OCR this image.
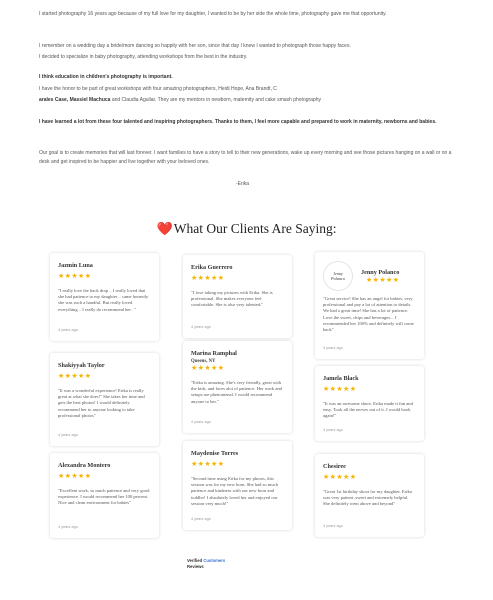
I started photography 16 years ago because of my full love for my daughter, I wanted to be by her side the whole time, photography gave me that opportunity.

I remember on a wedding day a bride/mom dancing so happily with her son, since that day I knew I wanted to photograph those happy faces.

I decided to specialize in baby photography, attending workshops from the best in the industry.

I think education in children's photography is important.

I have the honor to be part of great workshops with four amazing photographers, Heidi Hope, Ana Brandt, C

arales Case, Massiel Machuca and Claudia Aguilar. They are my mentors in newborn, maternity and cake smash photography

I have learned a lot from these four talented and inspiring photographers. Thanks to them, I feel more capable and prepared to work in maternity, newborns and babies.

Our goal is to create memories that will last forever. I want families to have a story to tell to their new generations, wake up every morning and see those pictures hanging on a wall or on a desk and get inspired to be happier and live together with your beloved ones.

-Erika
❤️What Our Clients Are Saying:
Jazmin Luna
★★★★★
"I really love the back drop .. I really loved that she had patience to my daughter .. came honestly she was such a handful. But really loved everything .. I really do recommend her . "
4 years ago
Shakiyyah Taylor
★★★★★
"It was a wonderful experience! Erika is really great at what she does!" She takes her time and gets the best photos! I would definitely recommend her to anyone looking to take professional photos"
4 years ago
Alexandra Montero
★★★★★
"Excellent work, so much patience and very good experience. I would recommend her 100 percent. Nice and clean environment for babies"
4 years ago
Erika Guerrero
★★★★★
"I love taking my pictures with Erika. She is professional. She makes everyone feel comfortable. She is also very talented."
4 years ago
Marina Ramphal
Queens, NY
★★★★★
"Erika is amazing. She's very friendly, great with the kids, and faces alot of patience. Her work and setups are phenomenal. I would recommend anyone to her."
4 years ago
Maydenise Torres
★★★★★
"Second time using Erika for my photos, this session was for my new born. She had so much patience and kindness with our new born and toddler! I absolutely loved her and enjoyed our session very much!"
4 years ago
Jenny
Polanco
Jenny Polanco
★★★★★
"Great service! She has an angel for babies, very professional and pay a lot of attention to details. We had a great time! She has a lot of patience. Love the sweet, chips and beverages... I recommended her 100% and definitely will come back"
4 years ago
Jamela Black
★★★★★
"It was an awesome shoot. Erika made it fun and easy. Took all the nerves out of it. I would book again!"
4 years ago
Chesiree
★★★★★
"Great 1st birthday shoot for my daughter. Erika was very patient ,sweet and extremely helpful. She definitely went above and beyond"
4 years ago
Verified Customers
Reviews
